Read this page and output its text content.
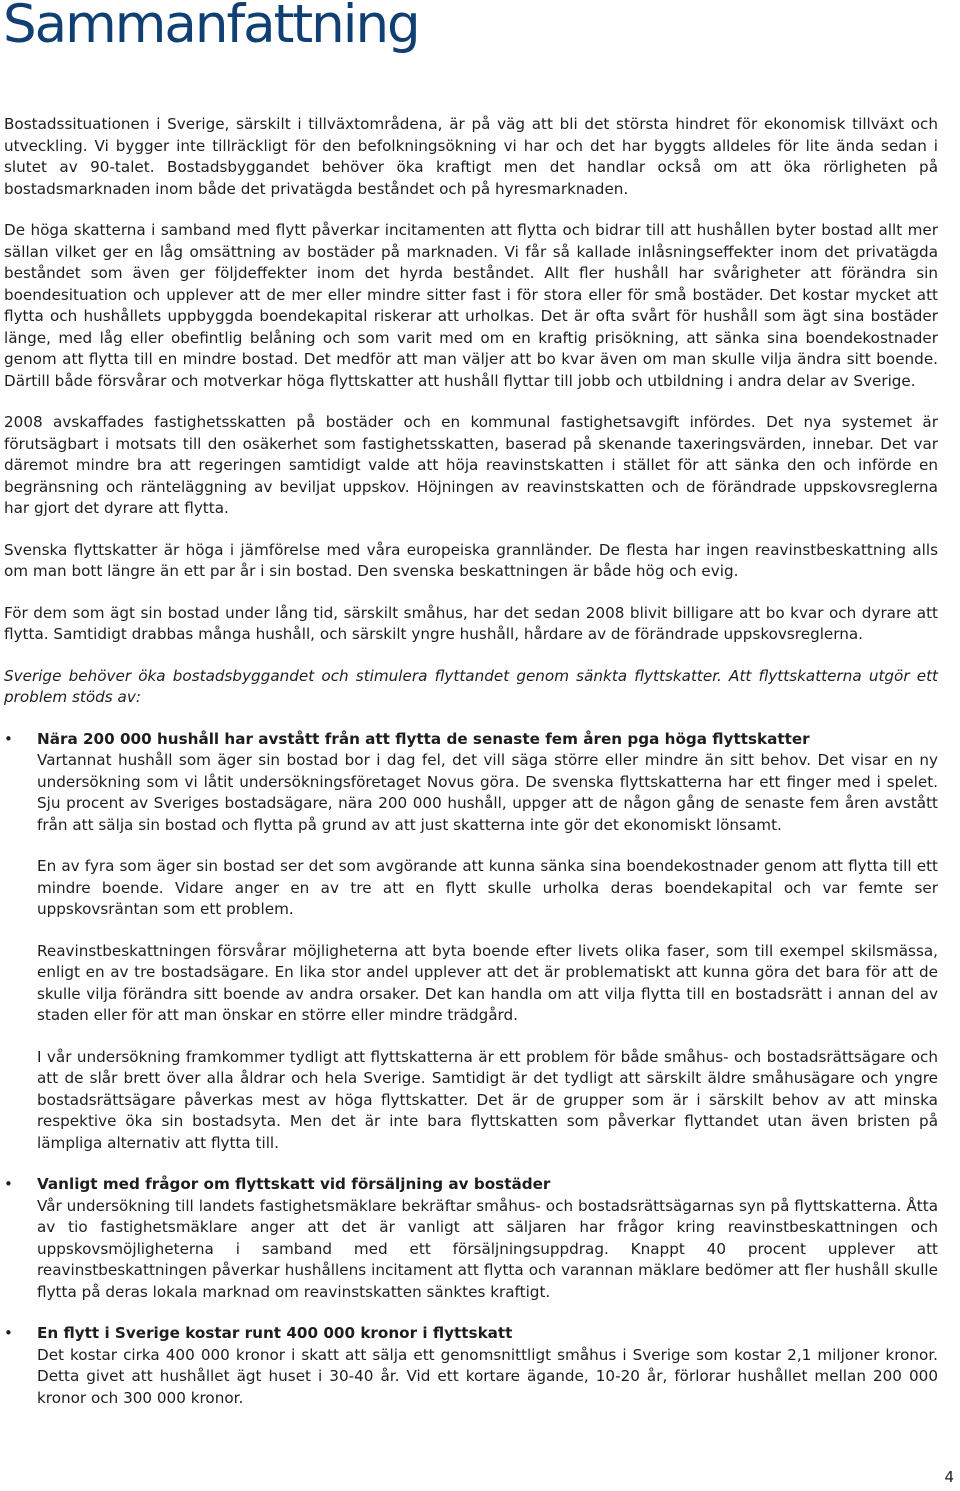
Sammanfattning

Bostadssituationen i Sverige, särskilt i tillväxtområdena, är på väg att bli det största hindret för ekonomisk tillväxt och utveckling. Vi bygger inte tillräckligt för den befolkningsökning vi har och det har byggts alldeles för lite ända sedan i slutet av 90-talet. Bostadsbyggandet behöver öka kraftigt men det handlar också om att öka rörligheten på bostadsmarknaden inom både det privatägda beståndet och på hyresmarknaden.

De höga skatterna i samband med flytt påverkar incitamenten att flytta och bidrar till att hushållen byter bostad allt mer sällan vilket ger en låg omsättning av bostäder på marknaden. Vi får så kallade inlåsningseffekter inom det privatägda beståndet som även ger följdeffekter inom det hyrda beståndet. Allt fler hushåll har svårigheter att förändra sin boendesituation och upplever att de mer eller mindre sitter fast i för stora eller för små bostäder. Det kostar mycket att flytta och hushållets uppbyggda boendekapital riskerar att urholkas. Det är ofta svårt för hushåll som ägt sina bostäder länge, med låg eller obefintlig belåning och som varit med om en kraftig prisökning, att sänka sina boendekostnader genom att flytta till en mindre bostad. Det medför att man väljer att bo kvar även om man skulle vilja ändra sitt boende. Därtill både försvårar och motverkar höga flyttskatter att hushåll flyttar till jobb och utbildning i andra delar av Sverige.

2008 avskaffades fastighetsskatten på bostäder och en kommunal fastighetsavgift infördes. Det nya systemet är förutsägbart i motsats till den osäkerhet som fastighetsskatten, baserad på skenande taxeringsvärden, innebar. Det var däremot mindre bra att regeringen samtidigt valde att höja reavinstskatten i stället för att sänka den och införde en begränsning och ränteläggning av beviljat uppskov. Höjningen av reavinstskatten och de förändrade uppskovsreglerna har gjort det dyrare att flytta.

Svenska flyttskatter är höga i jämförelse med våra europeiska grannländer. De flesta har ingen reavinstbeskattning alls om man bott längre än ett par år i sin bostad. Den svenska beskattningen är både hög och evig.

För dem som ägt sin bostad under lång tid, särskilt småhus, har det sedan 2008 blivit billigare att bo kvar och dyrare att flytta. Samtidigt drabbas många hushåll, och särskilt yngre hushåll, hårdare av de förändrade uppskovsreglerna.

Sverige behöver öka bostadsbyggandet och stimulera flyttandet genom sänkta flyttskatter. Att flyttskatterna utgör ett problem stöds av:

• Nära 200 000 hushåll har avstått från att flytta de senaste fem åren pga höga flyttskatter

Vartannat hushåll som äger sin bostad bor i dag fel, det vill säga större eller mindre än sitt behov. Det visar en ny undersökning som vi låtit undersökningsföretaget Novus göra. De svenska flyttskatterna har ett finger med i spelet. Sju procent av Sveriges bostadsägare, nära 200 000 hushåll, uppger att de någon gång de senaste fem åren avstått från att sälja sin bostad och flytta på grund av att just skatterna inte gör det ekonomiskt lönsamt.

En av fyra som äger sin bostad ser det som avgörande att kunna sänka sina boendekostnader genom att flytta till ett mindre boende. Vidare anger en av tre att en flytt skulle urholka deras boendekapital och var femte ser uppskovsräntan som ett problem.

Reavinstbeskattningen försvårar möjligheterna att byta boende efter livets olika faser, som till exempel skilsmässa, enligt en av tre bostadsägare. En lika stor andel upplever att det är problematiskt att kunna göra det bara för att de skulle vilja förändra sitt boende av andra orsaker. Det kan handla om att vilja flytta till en bostadsrätt i annan del av staden eller för att man önskar en större eller mindre trädgård.

I vår undersökning framkommer tydligt att flyttskatterna är ett problem för både småhus- och bostadsrättsägare och att de slår brett över alla åldrar och hela Sverige. Samtidigt är det tydligt att särskilt äldre småhusägare och yngre bostadsrättsägare påverkas mest av höga flyttskatter. Det är de grupper som är i särskilt behov av att minska respektive öka sin bostadsyta. Men det är inte bara flyttskatten som påverkar flyttandet utan även bristen på lämpliga alternativ att flytta till.

• Vanligt med frågor om flyttskatt vid försäljning av bostäder

Vår undersökning till landets fastighetsmäklare bekräftar småhus- och bostadsrättsägarnas syn på flyttskatterna. Åtta av tio fastighetsmäklare anger att det är vanligt att säljaren har frågor kring reavinstbeskattningen och uppskovsmöjligheterna i samband med ett försäljningsuppdrag. Knappt 40 procent upplever att reavinstbeskattningen påverkar hushållens incitament att flytta och varannan mäklare bedömer att fler hushåll skulle flytta på deras lokala marknad om reavinstskatten sänktes kraftigt.

• En flytt i Sverige kostar runt 400 000 kronor i flyttskatt

Det kostar cirka 400 000 kronor i skatt att sälja ett genomsnittligt småhus i Sverige som kostar 2,1 miljoner kronor. Detta givet att hushållet ägt huset i 30-40 år. Vid ett kortare ägande, 10-20 år, förlorar hushållet mellan 200 000 kronor och 300 000 kronor.

4
